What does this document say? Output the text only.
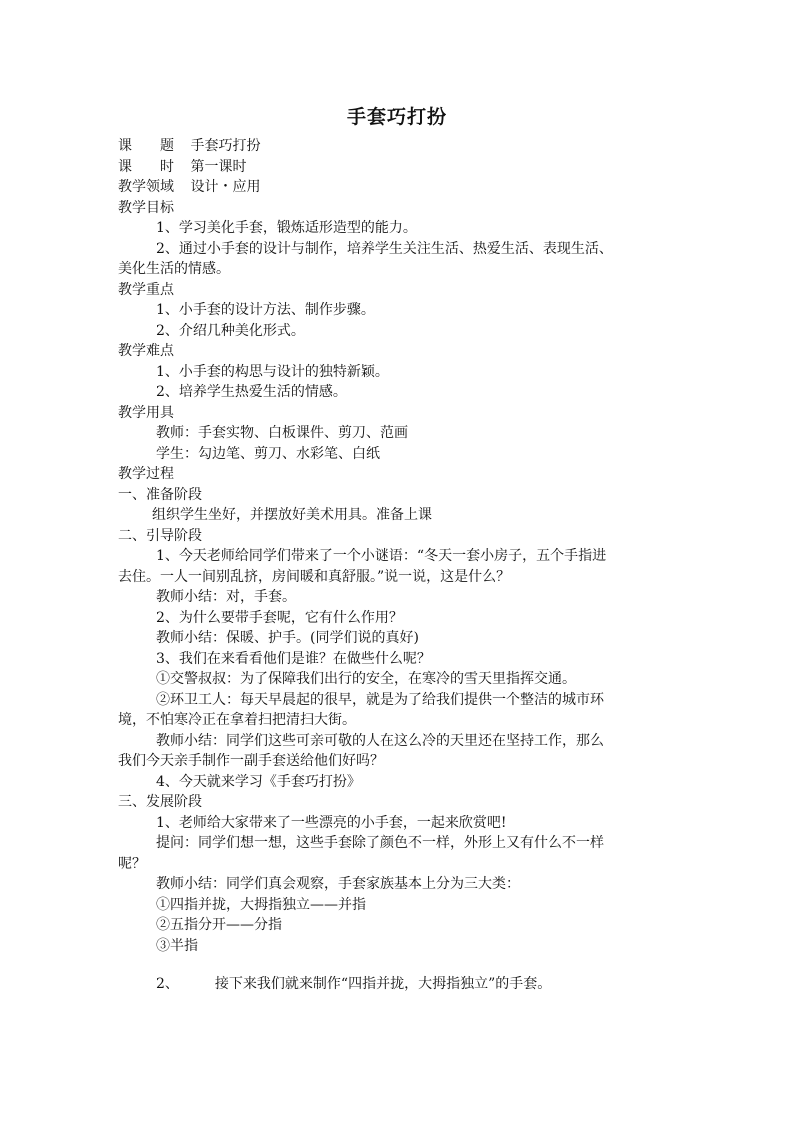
手套巧打扮
课　　题 手套巧打扮
课　　时 第一课时
教学领域 设计・应用
教学目标
1、学习美化手套，锻炼适形造型的能力。
2、通过小手套的设计与制作，培养学生关注生活、热爱生活、表现生活、
美化生活的情感。
教学重点
1、小手套的设计方法、制作步骤。
2、介绍几种美化形式。
教学难点
1、小手套的构思与设计的独特新颖。
2、培养学生热爱生活的情感。
教学用具
教师：手套实物、白板课件、剪刀、范画
学生：勾边笔、剪刀、水彩笔、白纸
教学过程
一、准备阶段
组织学生坐好，并摆放好美术用具。准备上课
二、引导阶段
1、今天老师给同学们带来了一个小谜语：“冬天一套小房子，五个手指进
去住。一人一间别乱挤，房间暖和真舒服。”说一说，这是什么？
教师小结：对，手套。
2、为什么要带手套呢，它有什么作用？
教师小结：保暖、护手。(同学们说的真好)
3、我们在来看看他们是谁？在做些什么呢？
①交警叔叔：为了保障我们出行的安全，在寒冷的雪天里指挥交通。
②环卫工人：每天早晨起的很早，就是为了给我们提供一个整洁的城市环
境，不怕寒冷正在拿着扫把清扫大街。
教师小结：同学们这些可亲可敬的人在这么冷的天里还在坚持工作，那么
我们今天亲手制作一副手套送给他们好吗？
4、今天就来学习《手套巧打扮》
三、发展阶段
1、老师给大家带来了一些漂亮的小手套，一起来欣赏吧!
提问：同学们想一想，这些手套除了颜色不一样，外形上又有什么不一样
呢？
教师小结：同学们真会观察，手套家族基本上分为三大类：
①四指并拢，大拇指独立——并指
②五指分开——分指
③半指
2、	接下来我们就来制作“四指并拢，大拇指独立”的手套。
